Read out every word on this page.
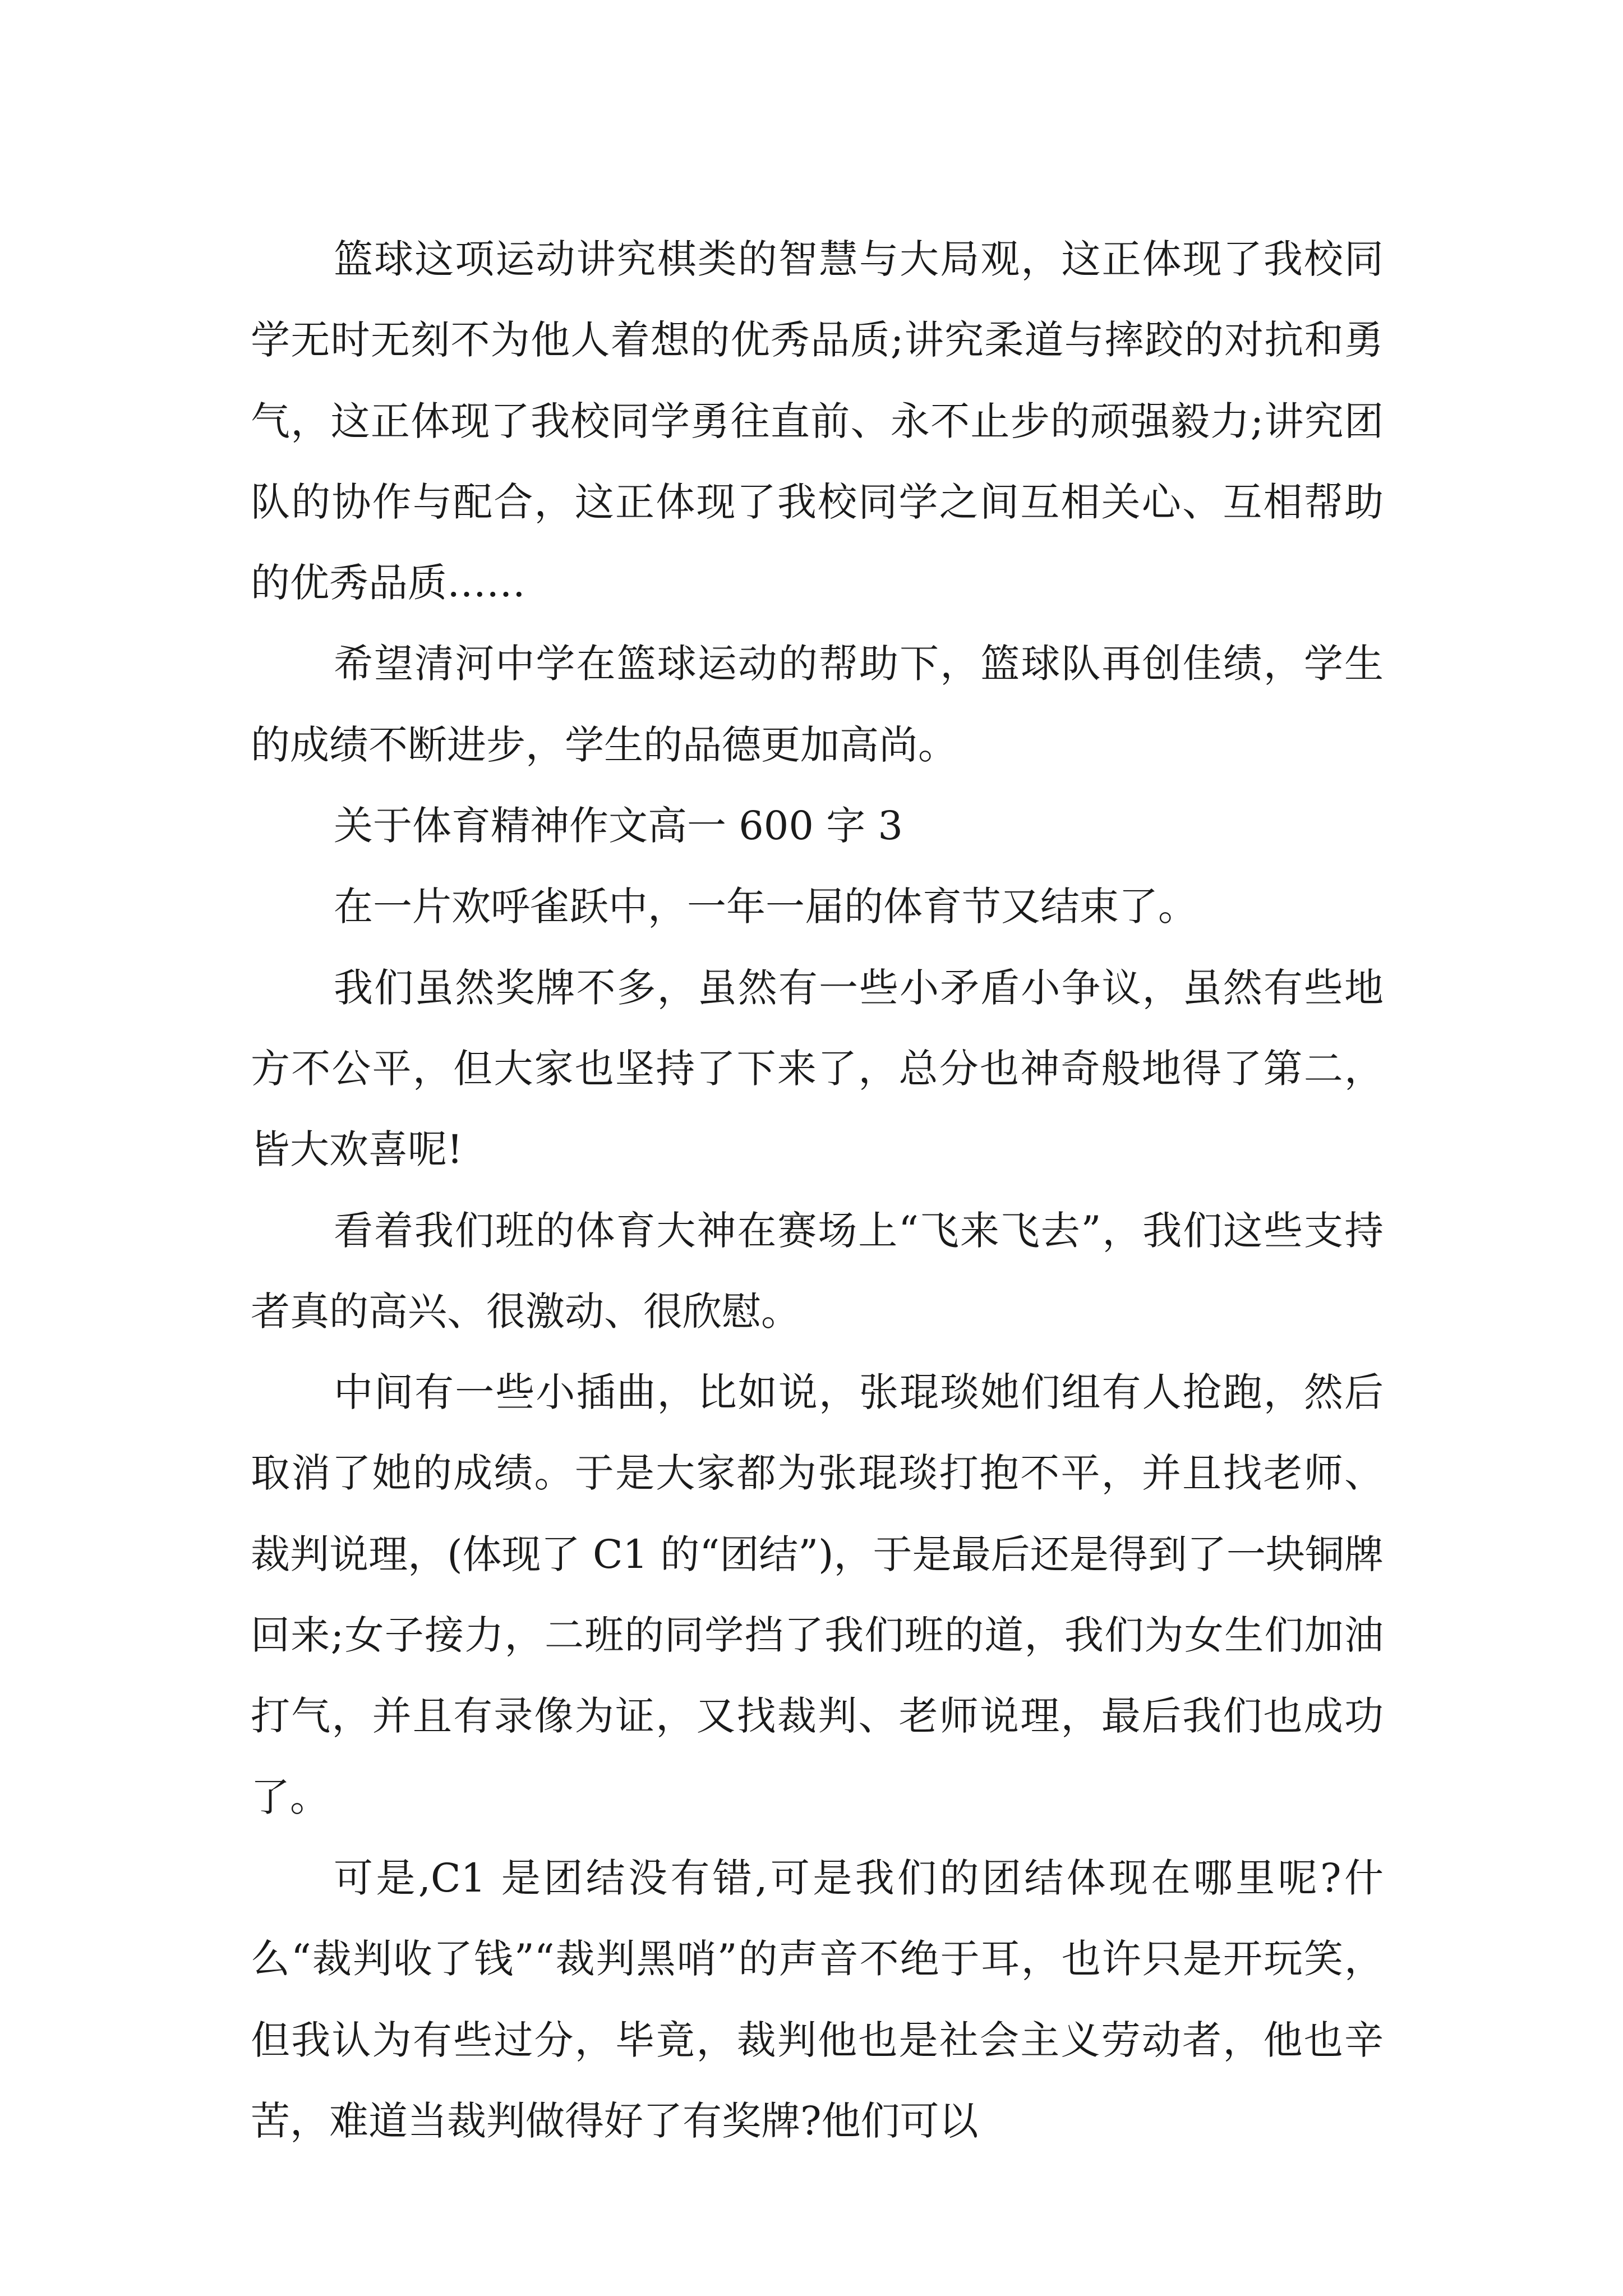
篮球这项运动讲究棋类的智慧与大局观，这正体现了我校同学无时无刻不为他人着想的优秀品质;讲究柔道与摔跤的对抗和勇气，这正体现了我校同学勇往直前、永不止步的顽强毅力;讲究团队的协作与配合，这正体现了我校同学之间互相关心、互相帮助的优秀品质……

希望清河中学在篮球运动的帮助下，篮球队再创佳绩，学生的成绩不断进步，学生的品德更加高尚。

关于体育精神作文高一 600 字 3

在一片欢呼雀跃中，一年一届的体育节又结束了。

我们虽然奖牌不多，虽然有一些小矛盾小争议，虽然有些地方不公平，但大家也坚持了下来了，总分也神奇般地得了第二，皆大欢喜呢!

看着我们班的体育大神在赛场上“飞来飞去”，我们这些支持者真的高兴、很激动、很欣慰。

中间有一些小插曲，比如说，张琨琰她们组有人抢跑，然后取消了她的成绩。于是大家都为张琨琰打抱不平，并且找老师、裁判说理，(体现了 C1 的“团结”)，于是最后还是得到了一块铜牌回来;女子接力，二班的同学挡了我们班的道，我们为女生们加油打气，并且有录像为证，又找裁判、老师说理，最后我们也成功了。

可是,C1 是团结没有错,可是我们的团结体现在哪里呢?什么“裁判收了钱”“裁判黑哨”的声音不绝于耳，也许只是开玩笑，但我认为有些过分，毕竟，裁判他也是社会主义劳动者，他也辛苦，难道当裁判做得好了有奖牌?他们可以
